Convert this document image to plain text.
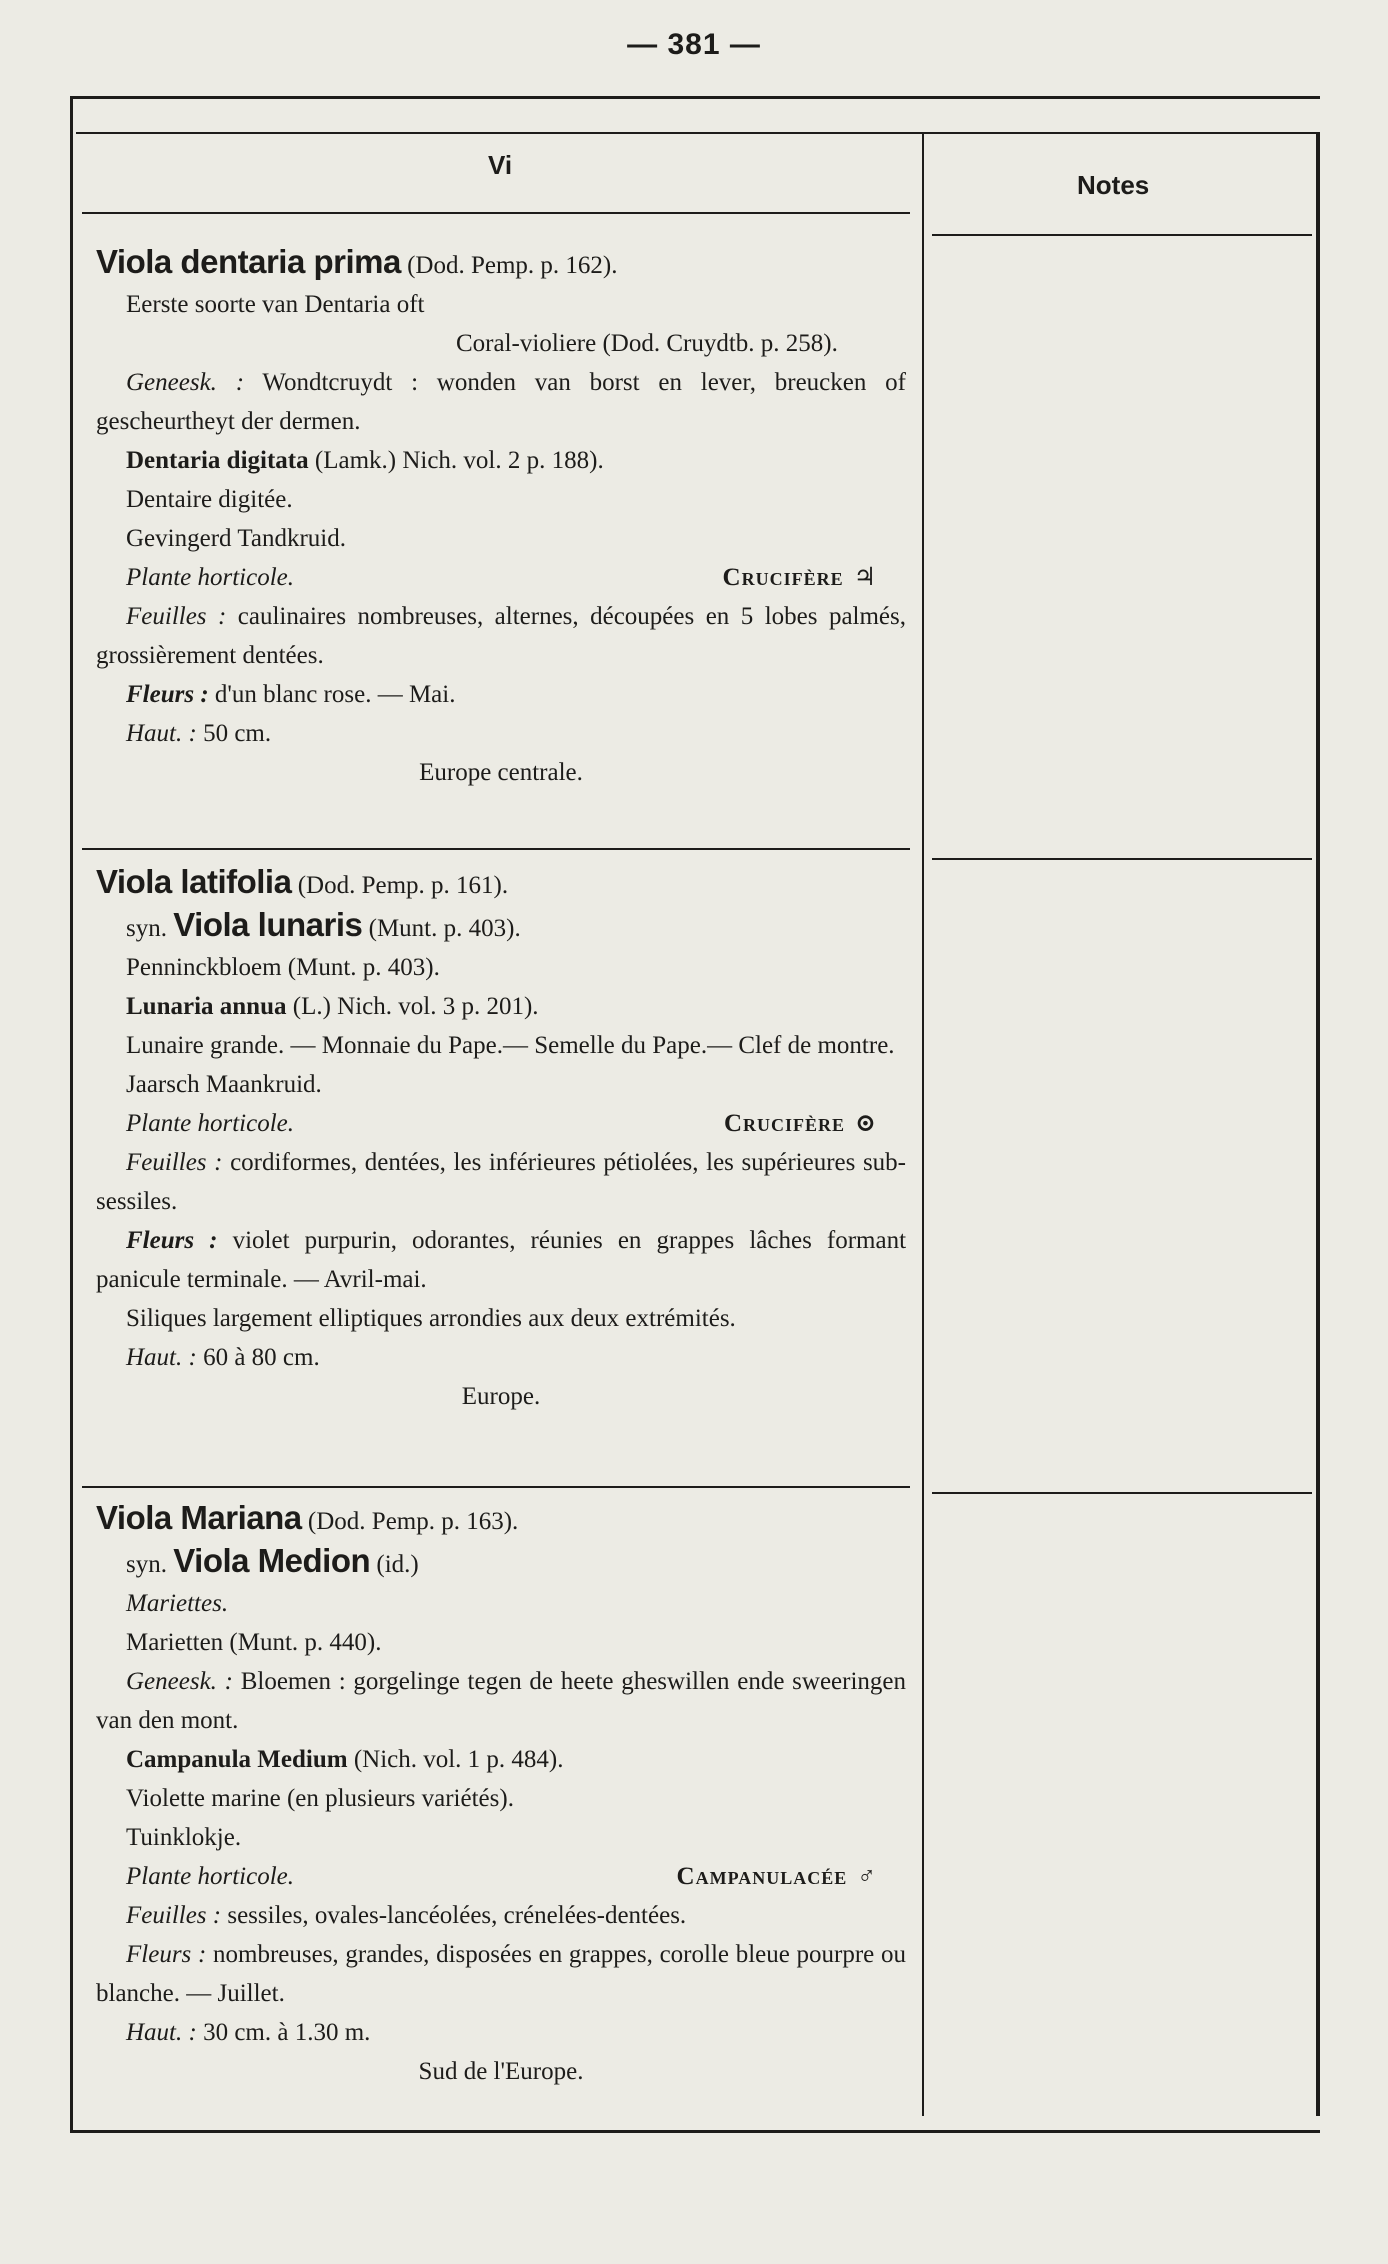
— 381 —
Vi
Notes
Viola dentaria prima (Dod. Pemp. p. 162).
Eerste soorte van Dentaria oft
Coral-violiere (Dod. Cruydtb. p. 258).
Geneesk. : Wondtcruydt : wonden van borst en lever, breucken of gescheurtheyt der dermen.
Dentaria digitata (Lamk.) Nich. vol. 2 p. 188).
Dentaire digitée.
Gevingerd Tandkruid.
Plante horticole.	Crucifère ♃
Feuilles : caulinaires nombreuses, alternes, découpées en 5 lobes palmés, grossièrement dentées.
Fleurs : d'un blanc rose. — Mai.
Haut. : 50 cm.
Europe centrale.
Viola latifolia (Dod. Pemp. p. 161).
syn. Viola lunaris (Munt. p. 403).
Penninckbloem (Munt. p. 403).
Lunaria annua (L.) Nich. vol. 3 p. 201).
Lunaire grande. — Monnaie du Pape.— Semelle du Pape.— Clef de montre.
Jaarsch Maankruid.
Plante horticole.	Crucifère ⊙
Feuilles : cordiformes, dentées, les inférieures pétiolées, les supérieures sub-sessiles.
Fleurs : violet purpurin, odorantes, réunies en grappes lâches formant panicule terminale. — Avril-mai.
Siliques largement elliptiques arrondies aux deux extrémités.
Haut. : 60 à 80 cm.
Europe.
Viola Mariana (Dod. Pemp. p. 163).
syn. Viola Medion (id.)
Mariettes.
Marietten (Munt. p. 440).
Geneesk. : Bloemen : gorgelinge tegen de heete gheswillen ende sweeringen van den mont.
Campanula Medium (Nich. vol. 1 p. 484).
Violette marine (en plusieurs variétés).
Tuinklokje.
Plante horticole.	Campanulacée ♂
Feuilles : sessiles, ovales-lancéolées, crénelées-dentées.
Fleurs : nombreuses, grandes, disposées en grappes, corolle bleue pourpre ou blanche. — Juillet.
Haut. : 30 cm. à 1.30 m.
Sud de l'Europe.
